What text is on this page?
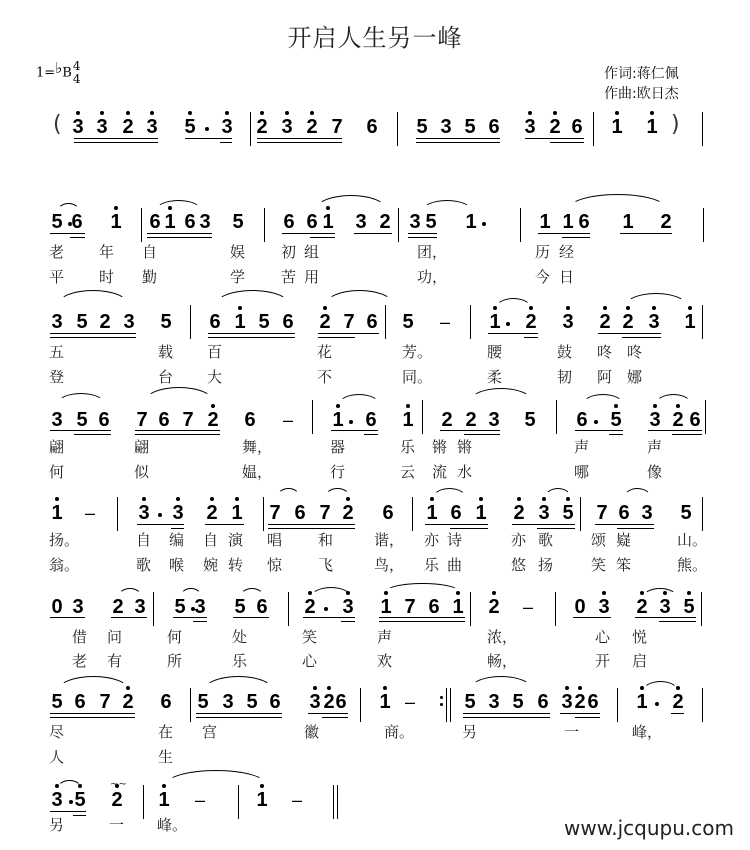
开启人生另一峰
1=♭B4
4	作词:蒋仁佩
作曲:欧日杰
( 3 3 2 3 5 3 2 3 2 7 6 5 3 5 6 3 2 6 1 1 )
5 6 1 6 1 6 3 5 6 6 1 3 2 3 5 1	1 1 6 1 2
老 年 自	娱 初 组	团，	历 经
平 时 勤	学 苦 用	功，	今 日
3 5 2 3 5 6 1 5 6 2 7 6 5 – 1 2 3 2 2 3 1
五	载 百	花	芳。	腰	鼓 咚 咚
登	台 大	不	同。	柔	韧 阿 娜
3 5 6 7 6 7 2 6 – 1 6 1 2 2 3 5 6 5 3 2 6
翩	翩	舞，	器	乐 锵 锵	声	声
何	似	媪，	行	云 流 水	哪	像
1 – 3 3 2 1 7 6 7 2 6 1 6 1 2 3 5 7 6 3 5
扬。	自 编 自 演 唱 和	谐， 亦 诗	亦 歌	颂 嶷	山。
翁。	歌 喉 婉 转 惊 飞	鸟， 乐 曲	悠 扬	笑 笨	熊。
0 3 2 3 5 3 5 6 2 3 1 7 6 1 2 – 0 3 2 3 5
借 问	何	处	笑	声	浓，	心 悦
老 有	所	乐	心	欢	畅，	开 启
5 6 7 2 6 5 3 5 6 3 2 6 1 – 5 3 5 6 3 2 6 1 2
尽	在 宫	徽	商。	另	一	峰，
人	生
3 5 2
~~
1 –	1 –
另	一 峰。	www.jcqupu.com
